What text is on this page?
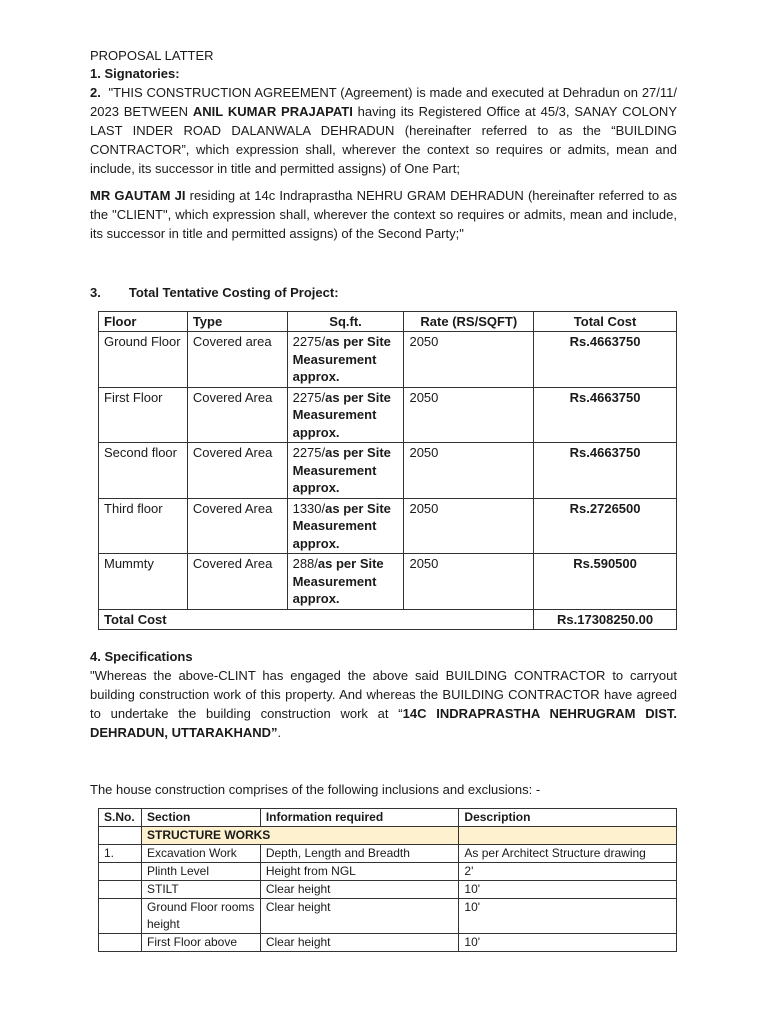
PROPOSAL LATTER

1. Signatories:

2. "THIS CONSTRUCTION AGREEMENT (Agreement) is made and executed at Dehradun on 27/11/ 2023 BETWEEN ANIL KUMAR PRAJAPATI having its Registered Office at 45/3, SANAY COLONY LAST INDER ROAD DALANWALA DEHRADUN (hereinafter referred to as the “BUILDING CONTRACTOR”, which expression shall, wherever the context so requires or admits, mean and include, its successor in title and permitted assigns) of One Part;

MR GAUTAM JI residing at 14c Indraprastha NEHRU GRAM DEHRADUN (hereinafter referred to as the "CLIENT", which expression shall, wherever the context so requires or admits, mean and include, its successor in title and permitted assigns) of the Second Party;"

3. Total Tentative Costing of Project:

Floor	Type	Sq.ft.	Rate (RS/SQFT)	Total Cost
Ground Floor	Covered area	2275/as per Site Measurement approx.	2050	Rs.4663750
First Floor	Covered Area	2275/as per Site Measurement approx.	2050	Rs.4663750
Second floor	Covered Area	2275/as per Site Measurement approx.	2050	Rs.4663750
Third floor	Covered Area	1330/as per Site Measurement approx.	2050	Rs.2726500
Mummty	Covered Area	288/as per Site Measurement approx.	2050	Rs.590500
Total Cost				Rs.17308250.00

4. Specifications

"Whereas the above-CLINT has engaged the above said BUILDING CONTRACTOR to carryout building construction work of this property. And whereas the BUILDING CONTRACTOR have agreed to undertake the building construction work at “14C INDRAPRASTHA NEHRUGRAM DIST. DEHRADUN, UTTARAKHAND”.

The house construction comprises of the following inclusions and exclusions: -

S.No.	Section	Information required	Description
	STRUCTURE WORKS		
1.	Excavation Work	Depth, Length and Breadth	As per Architect Structure drawing
	Plinth Level	Height from NGL	2'
	STILT	Clear height	10'
	Ground Floor rooms height	Clear height	10'
	First Floor above	Clear height	10'
